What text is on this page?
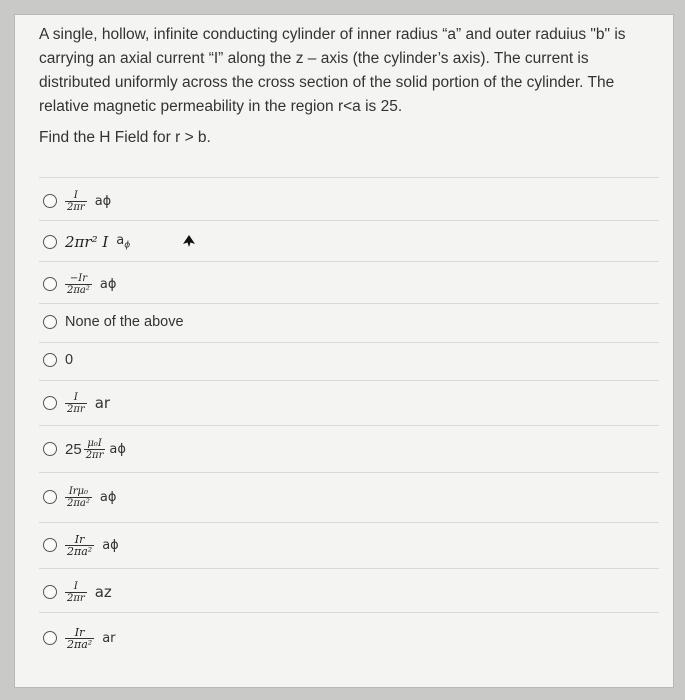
A single, hollow, infinite conducting cylinder of inner radius “a” and outer raduius "b" is carrying an axial current “I” along the z – axis (the cylinder’s axis). The current is distributed uniformly across the cross section of the solid portion of the cylinder. The relative magnetic permeability in the region r<a is 25.
Find the H Field for r > b.
$\frac{I}{2\pi r}$ aϕ
2πr² I $a_\phi$
$\frac{-Ir}{\text{2πa²}}$ aϕ
None of the above
0
$\frac{I}{2\pi r}$ ar
$25 \frac{\text{μ₀I}}{2\pi r}$ aϕ
$\frac{\text{Irμ₀}}{\text{2πa²}}$ aϕ
$\frac{Ir}{\text{2πa²}}$ aϕ
$\frac{I}{2\pi r}$ az
$\frac{Ir}{\text{2πa²}}$ ar
